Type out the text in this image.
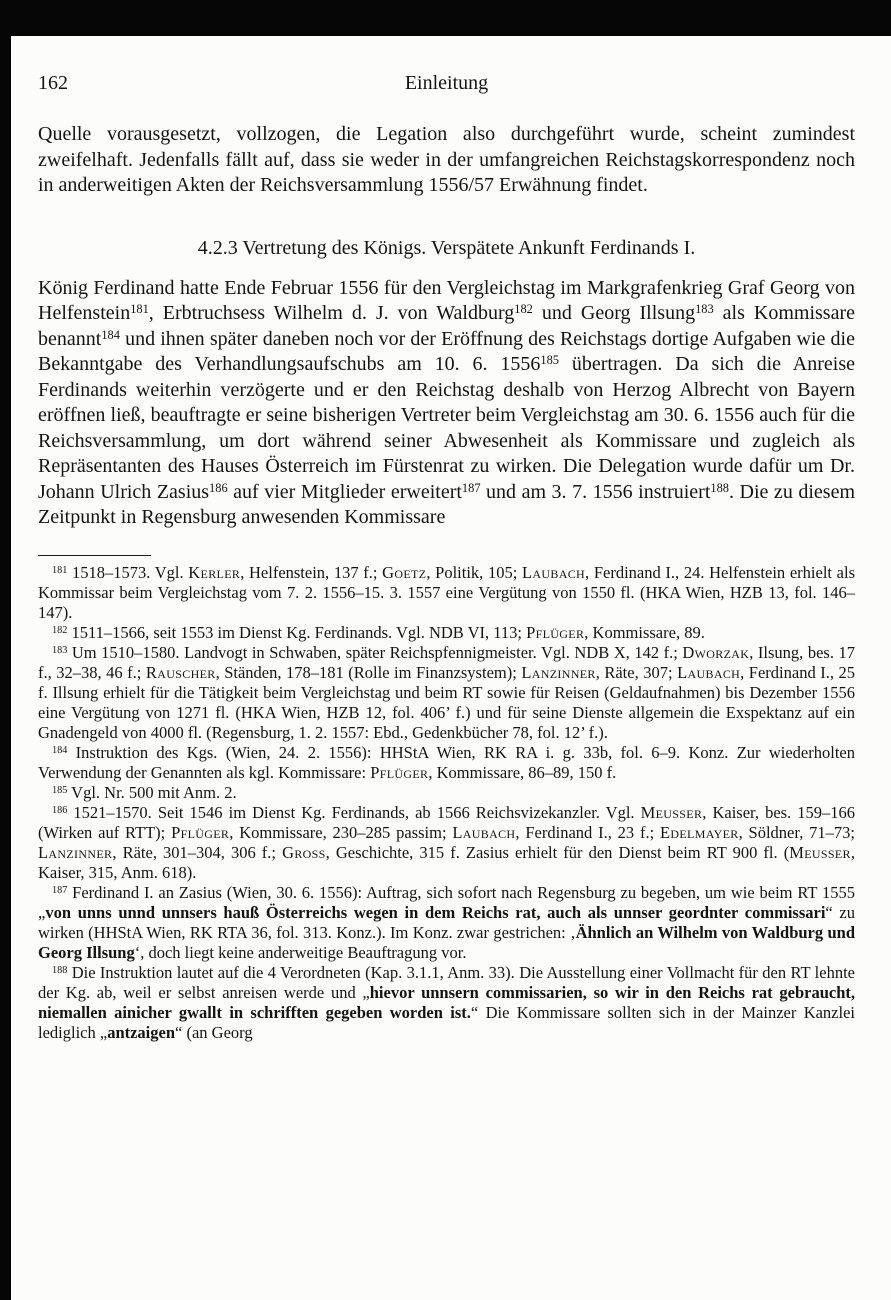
162	Einleitung

Quelle vorausgesetzt, vollzogen, die Legation also durchgeführt wurde, scheint zumindest zweifelhaft. Jedenfalls fällt auf, dass sie weder in der umfangreichen Reichstagskorrespondenz noch in anderweitigen Akten der Reichsversammlung 1556/57 Erwähnung findet.

4.2.3 Vertretung des Königs. Verspätete Ankunft Ferdinands I.

König Ferdinand hatte Ende Februar 1556 für den Vergleichstag im Markgrafenkrieg Graf Georg von Helfenstein$^{181}$, Erbtruchsess Wilhelm d. J. von Waldburg$^{182}$ und Georg Illsung$^{183}$ als Kommissare benannt$^{184}$ und ihnen später daneben noch vor der Eröffnung des Reichstags dortige Aufgaben wie die Bekanntgabe des Verhandlungsaufschubs am 10. 6. 1556$^{185}$ übertragen. Da sich die Anreise Ferdinands weiterhin verzögerte und er den Reichstag deshalb von Herzog Albrecht von Bayern eröffnen ließ, beauftragte er seine bisherigen Vertreter beim Vergleichstag am 30. 6. 1556 auch für die Reichsversammlung, um dort während seiner Abwesenheit als Kommissare und zugleich als Repräsentanten des Hauses Österreich im Fürstenrat zu wirken. Die Delegation wurde dafür um Dr. Johann Ulrich Zasius$^{186}$ auf vier Mitglieder erweitert$^{187}$ und am 3. 7. 1556 instruiert$^{188}$. Die zu diesem Zeitpunkt in Regensburg anwesenden Kommissare

$^{181}$ 1518–1573. Vgl. Kerler, Helfenstein, 137 f.; Goetz, Politik, 105; Laubach, Ferdinand I., 24. Helfenstein erhielt als Kommissar beim Vergleichstag vom 7. 2. 1556–15. 3. 1557 eine Vergütung von 1550 fl. (HKA Wien, HZB 13, fol. 146–147).

$^{182}$ 1511–1566, seit 1553 im Dienst Kg. Ferdinands. Vgl. NDB VI, 113; Pflüger, Kommissare, 89.

$^{183}$ Um 1510–1580. Landvogt in Schwaben, später Reichspfennigmeister. Vgl. NDB X, 142 f.; Dworzak, Ilsung, bes. 17 f., 32–38, 46 f.; Rauscher, Ständen, 178–181 (Rolle im Finanzsystem); Lanzinner, Räte, 307; Laubach, Ferdinand I., 25 f. Illsung erhielt für die Tätigkeit beim Vergleichstag und beim RT sowie für Reisen (Geldaufnahmen) bis Dezember 1556 eine Vergütung von 1271 fl. (HKA Wien, HZB 12, fol. 406’ f.) und für seine Dienste allgemein die Exspektanz auf ein Gnadengeld von 4000 fl. (Regensburg, 1. 2. 1557: Ebd., Gedenkbücher 78, fol. 12’ f.).

$^{184}$ Instruktion des Kgs. (Wien, 24. 2. 1556): HHStA Wien, RK RA i. g. 33b, fol. 6–9. Konz. Zur wiederholten Verwendung der Genannten als kgl. Kommissare: Pflüger, Kommissare, 86–89, 150 f.

$^{185}$ Vgl. Nr. 500 mit Anm. 2.

$^{186}$ 1521–1570. Seit 1546 im Dienst Kg. Ferdinands, ab 1566 Reichsvizekanzler. Vgl. Meusser, Kaiser, bes. 159–166 (Wirken auf RTT); Pflüger, Kommissare, 230–285 passim; Laubach, Ferdinand I., 23 f.; Edelmayer, Söldner, 71–73; Lanzinner, Räte, 301–304, 306 f.; Gross, Geschichte, 315 f. Zasius erhielt für den Dienst beim RT 900 fl. (Meusser, Kaiser, 315, Anm. 618).

$^{187}$ Ferdinand I. an Zasius (Wien, 30. 6. 1556): Auftrag, sich sofort nach Regensburg zu begeben, um wie beim RT 1555 „von unns unnd unnsers hauß Österreichs wegen in dem Reichs rat, auch als unnser geordnter commissari“ zu wirken (HHStA Wien, RK RTA 36, fol. 313. Konz.). Im Konz. zwar gestrichen: ‚Ähnlich an Wilhelm von Waldburg und Georg Illsung‘, doch liegt keine anderweitige Beauftragung vor.

$^{188}$ Die Instruktion lautet auf die 4 Verordneten (Kap. 3.1.1, Anm. 33). Die Ausstellung einer Vollmacht für den RT lehnte der Kg. ab, weil er selbst anreisen werde und „hievor unnsern commissarien, so wir in den Reichs rat gebraucht, niemallen ainicher gwallt in schrifften gegeben worden ist.“ Die Kommissare sollten sich in der Mainzer Kanzlei lediglich „antzaigen“ (an Georg
